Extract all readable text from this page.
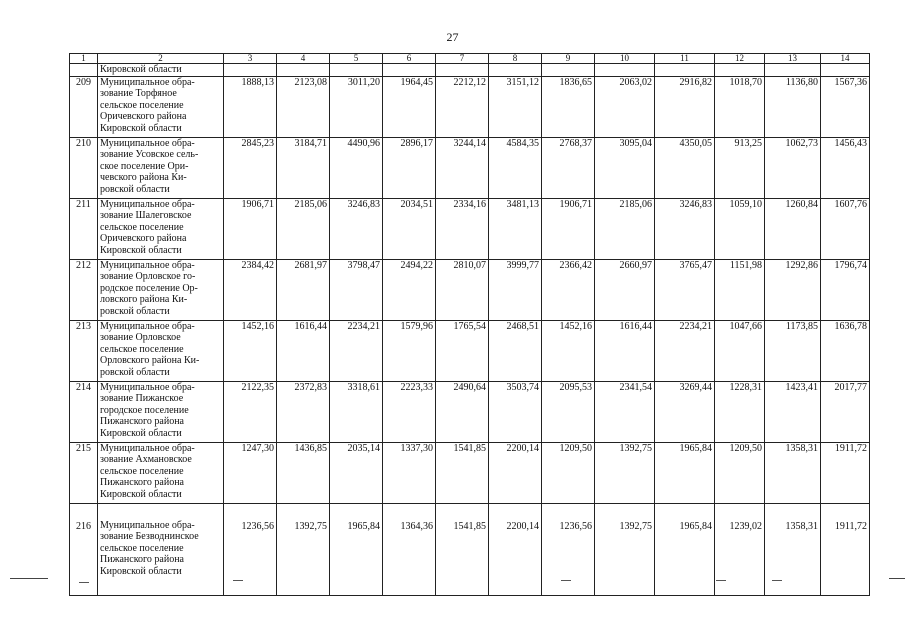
27
1	2	3	4	5	6	7	8	9	10	11	12	13	14
	Кировской области												
209	Муниципальное обра-
зование Торфяное
сельское поселение
Оричевского района
Кировской области	1888,13	2123,08	3011,20	1964,45	2212,12	3151,12	1836,65	2063,02	2916,82	1018,70	1136,80	1567,36
210	Муниципальное обра-
зование Усовское сель-
ское поселение Ори-
чевского района Ки-
ровской области	2845,23	3184,71	4490,96	2896,17	3244,14	4584,35	2768,37	3095,04	4350,05	913,25	1062,73	1456,43
211	Муниципальное обра-
зование Шалеговское
сельское поселение
Оричевского района
Кировской области	1906,71	2185,06	3246,83	2034,51	2334,16	3481,13	1906,71	2185,06	3246,83	1059,10	1260,84	1607,76
212	Муниципальное обра-
зование Орловское го-
родское поселение Ор-
ловского района Ки-
ровской области	2384,42	2681,97	3798,47	2494,22	2810,07	3999,77	2366,42	2660,97	3765,47	1151,98	1292,86	1796,74
213	Муниципальное обра-
зование Орловское
сельское поселение
Орловского района Ки-
ровской области	1452,16	1616,44	2234,21	1579,96	1765,54	2468,51	1452,16	1616,44	2234,21	1047,66	1173,85	1636,78
214	Муниципальное обра-
зование Пижанское
городское поселение
Пижанского района
Кировской области	2122,35	2372,83	3318,61	2223,33	2490,64	3503,74	2095,53	2341,54	3269,44	1228,31	1423,41	2017,77
215	Муниципальное обра-
зование Ахмановское
сельское поселение
Пижанского района
Кировской области	1247,30	1436,85	2035,14	1337,30	1541,85	2200,14	1209,50	1392,75	1965,84	1209,50	1358,31	1911,72
216	Муниципальное обра-
зование Безводнинское
сельское поселение
Пижанского района
Кировской области	1236,56	1392,75	1965,84	1364,36	1541,85	2200,14	1236,56	1392,75	1965,84	1239,02	1358,31	1911,72
